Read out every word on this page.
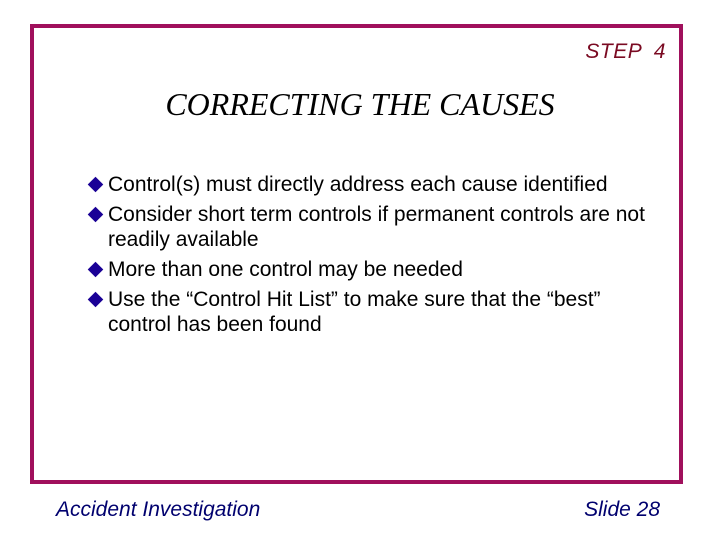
STEP 4
CORRECTING THE CAUSES
Control(s) must directly address each cause identified
Consider short term controls if permanent controls are not readily available
More than one control may be needed
Use the “Control Hit List” to make sure that the “best” control has been found
Accident Investigation	Slide 28
